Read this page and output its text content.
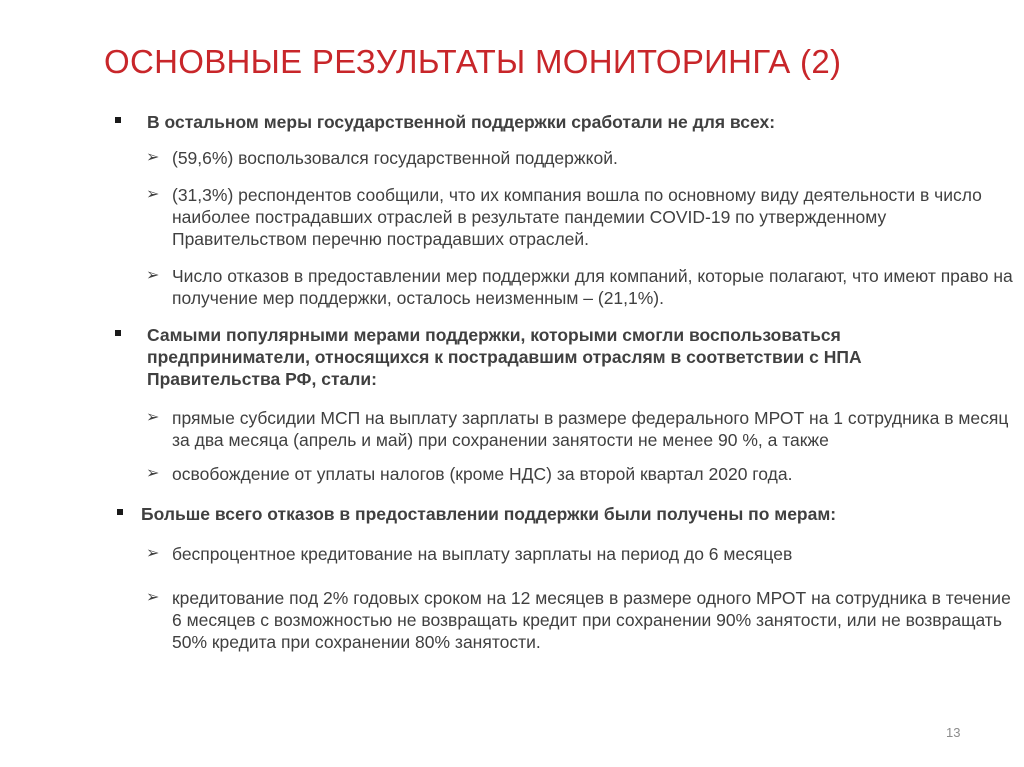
ОСНОВНЫЕ РЕЗУЛЬТАТЫ МОНИТОРИНГА (2)
В остальном меры государственной поддержки сработали не для всех:
➢ (59,6%) воспользовался государственной поддержкой.
➢ (31,3%) респондентов сообщили, что их компания вошла по основному виду деятельности в число наиболее пострадавших отраслей в результате пандемии COVID-19 по утвержденному Правительством перечню пострадавших отраслей.
➢ Число отказов в предоставлении мер поддержки для компаний, которые полагают, что имеют право на получение мер поддержки, осталось неизменным – (21,1%).
Самыми популярными мерами поддержки, которыми смогли воспользоваться предприниматели, относящихся к пострадавшим отраслям в соответствии с НПА Правительства РФ, стали:
➢ прямые субсидии МСП на выплату зарплаты в размере федерального МРОТ на 1 сотрудника в месяц за два месяца (апрель и май) при сохранении занятости не менее 90 %, а также
➢ освобождение от уплаты налогов (кроме НДС) за второй квартал 2020 года.
Больше всего отказов в предоставлении поддержки были получены по мерам:
➢ беспроцентное кредитование на выплату зарплаты на период до 6 месяцев
➢ кредитование под 2% годовых сроком на 12 месяцев в размере одного МРОТ на сотрудника в течение 6 месяцев с возможностью не возвращать кредит при сохранении 90% занятости, или не возвращать 50% кредита при сохранении 80% занятости.
13
